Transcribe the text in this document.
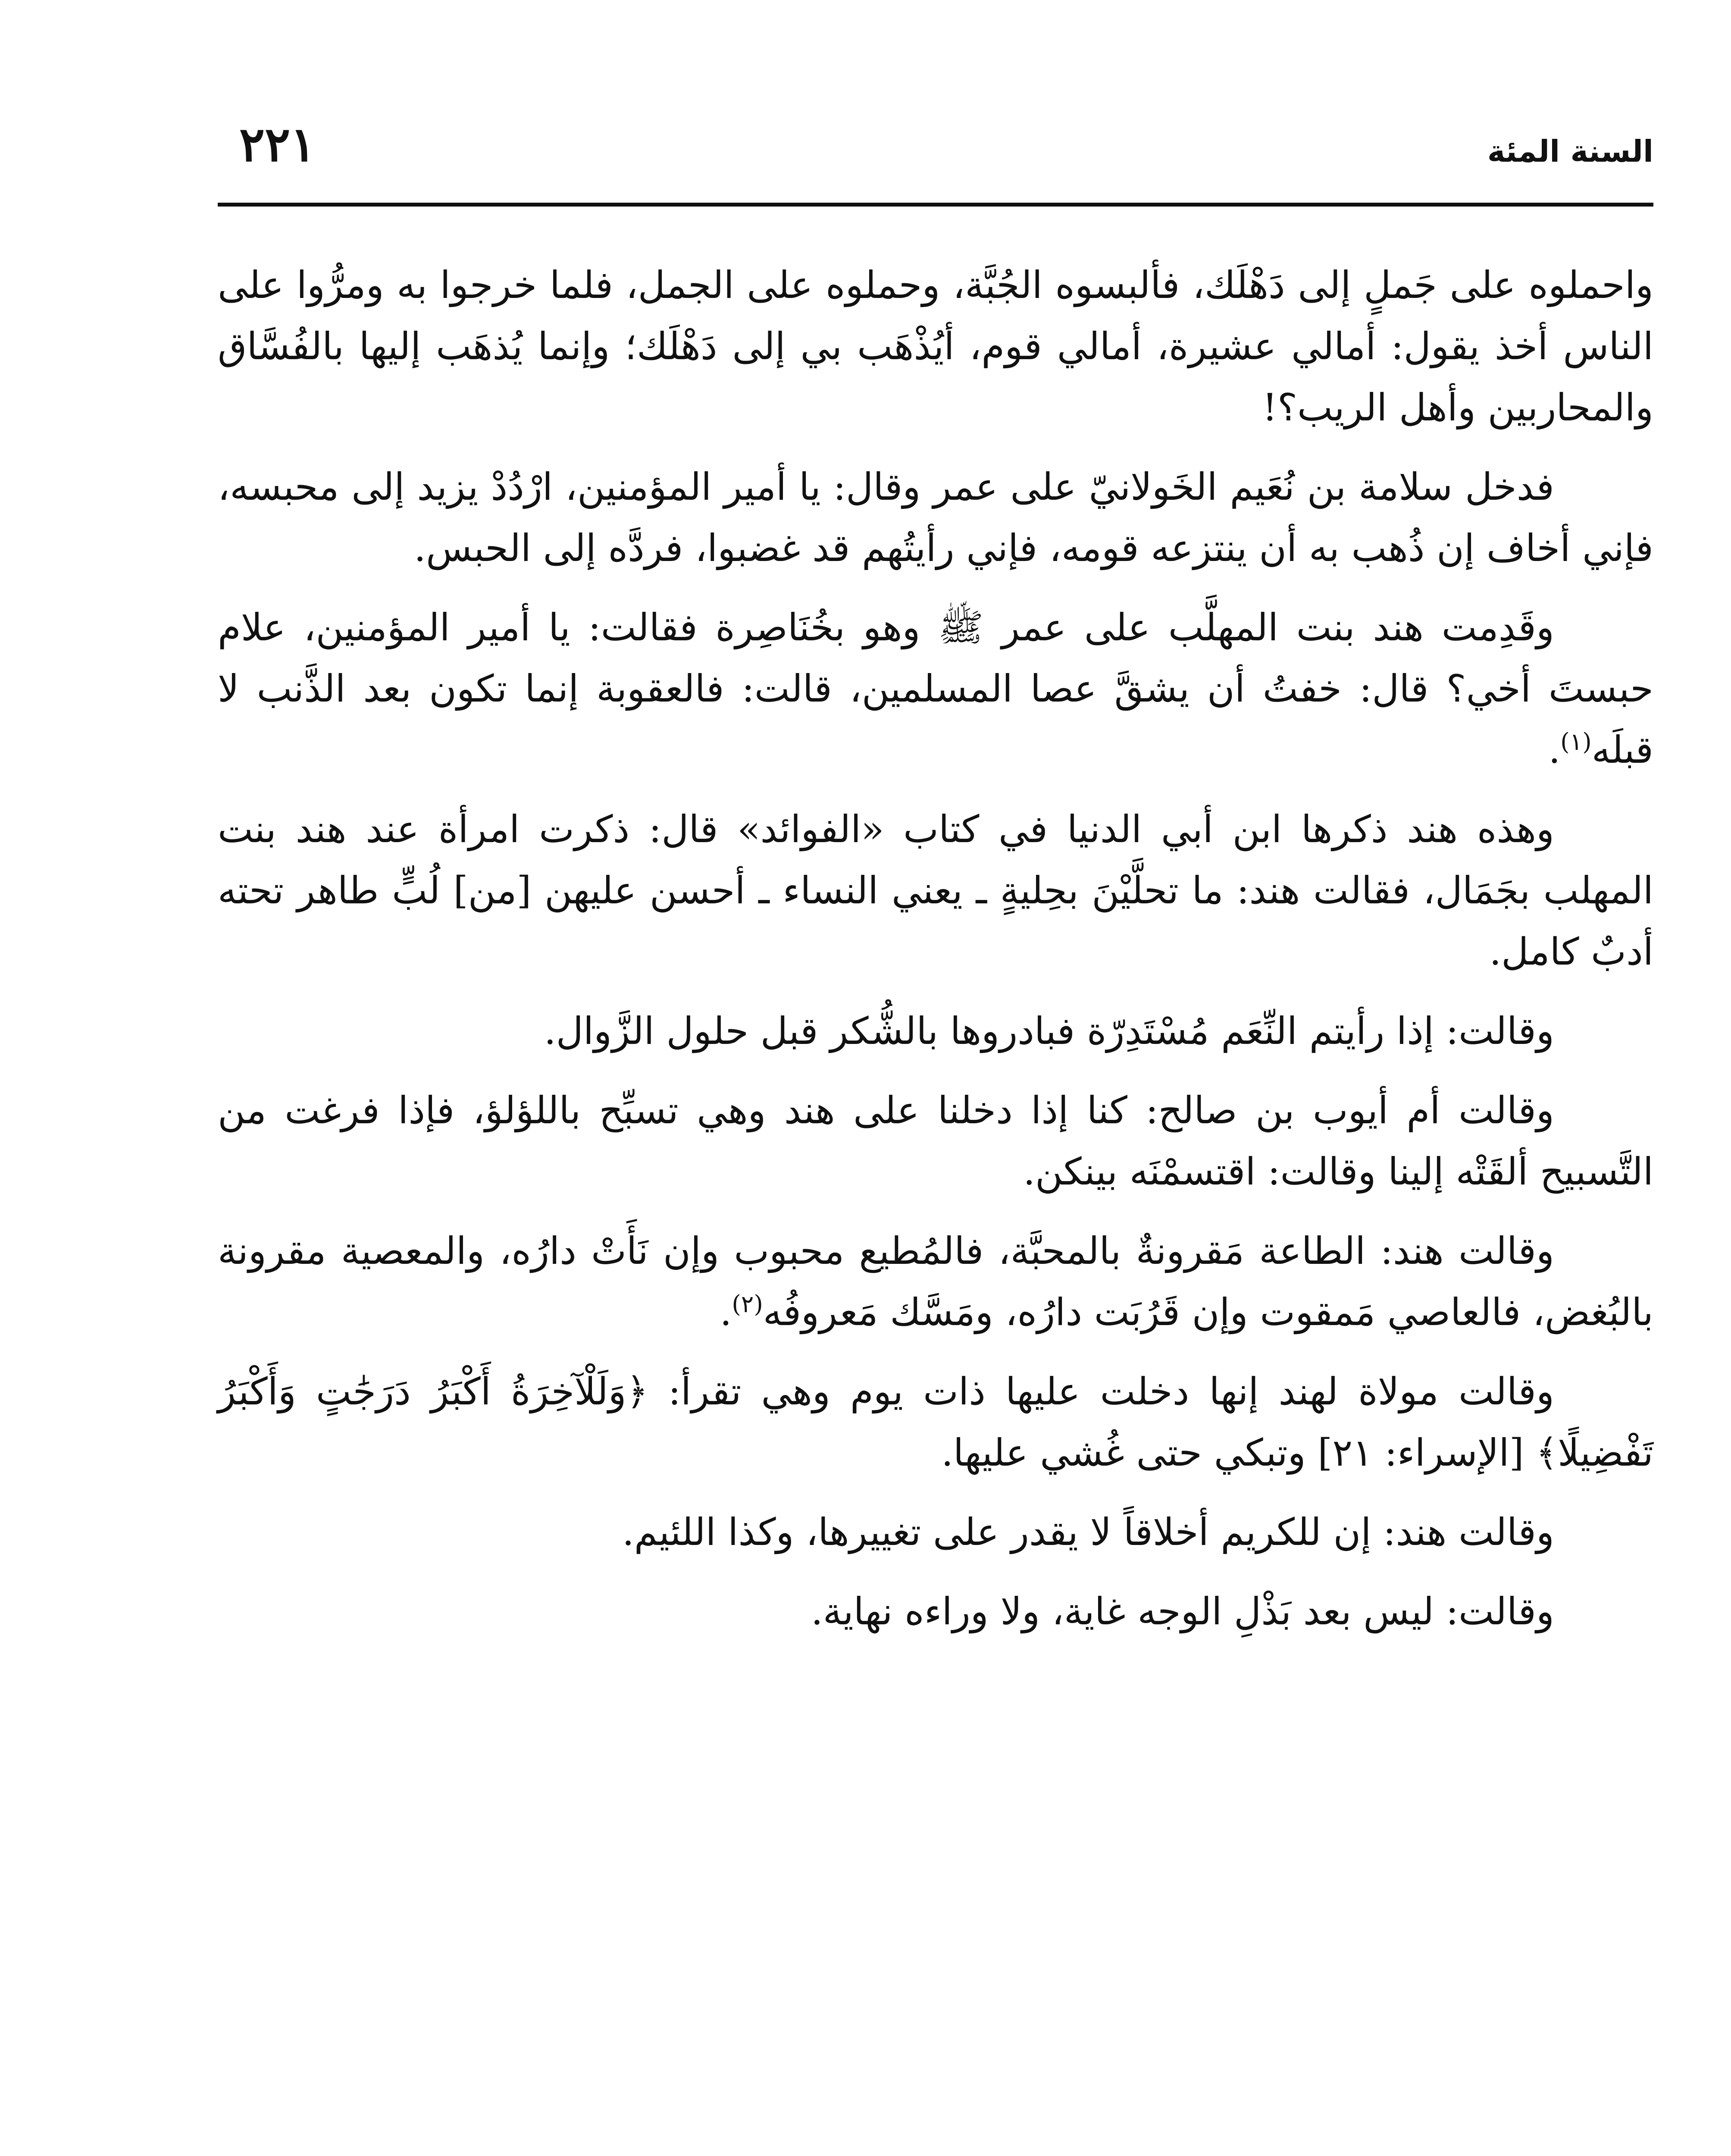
السنة المئة
٢٢١

واحملوه على جَملٍ إلى دَهْلَك، فألبسوه الجُبَّة، وحملوه على الجمل، فلما خرجوا به ومرُّوا على الناس أخذ يقول: أمالي عشيرة، أمالي قوم، أيُذْهَب بي إلى دَهْلَك؛ وإنما يُذهَب إليها بالفُسَّاق والمحاربين وأهل الريب؟!

فدخل سلامة بن نُعَيم الخَولانيّ على عمر وقال: يا أمير المؤمنين، ارْدُدْ يزيد إلى محبسه، فإني أخاف إن ذُهب به أن ينتزعه قومه، فإني رأيتُهم قد غضبوا، فردَّه إلى الحبس.

وقَدِمت هند بنت المهلَّب على عمر ﷺ وهو بخُنَاصِرة فقالت: يا أمير المؤمنين، علام حبستَ أخي؟ قال: خفتُ أن يشقَّ عصا المسلمين، قالت: فالعقوبة إنما تكون بعد الذَّنب لا قبلَه$^{(١)}$.

وهذه هند ذكرها ابن أبي الدنيا في كتاب «الفوائد» قال: ذكرت امرأة عند هند بنت المهلب بجَمَال، فقالت هند: ما تحلَّيْنَ بحِليةٍ ـ يعني النساء ـ أحسن عليهن [من] لُبٍّ طاهر تحته أدبٌ كامل.

وقالت: إذا رأيتم النِّعَم مُسْتَدِرّة فبادروها بالشُّكر قبل حلول الزَّوال.

وقالت أم أيوب بن صالح: كنا إذا دخلنا على هند وهي تسبِّح باللؤلؤ، فإذا فرغت من التَّسبيح ألقَتْه إلينا وقالت: اقتسمْنَه بينكن.

وقالت هند: الطاعة مَقرونةٌ بالمحبَّة، فالمُطيع محبوب وإن نَأَتْ دارُه، والمعصية مقرونة بالبُغض، فالعاصي مَمقوت وإن قَرُبَت دارُه، ومَسَّك مَعروفُه$^{(٢)}$.

وقالت مولاة لهند إنها دخلت عليها ذات يوم وهي تقرأ: ﴿وَلَلْآخِرَةُ أَكْبَرُ دَرَجَٰتٍ وَأَكْبَرُ تَفْضِيلًا﴾ [الإسراء: ٢١] وتبكي حتى غُشي عليها.

وقالت هند: إن للكريم أخلاقاً لا يقدر على تغييرها، وكذا اللئيم.

وقالت: ليس بعد بَذْلِ الوجه غاية، ولا وراءه نهاية.
